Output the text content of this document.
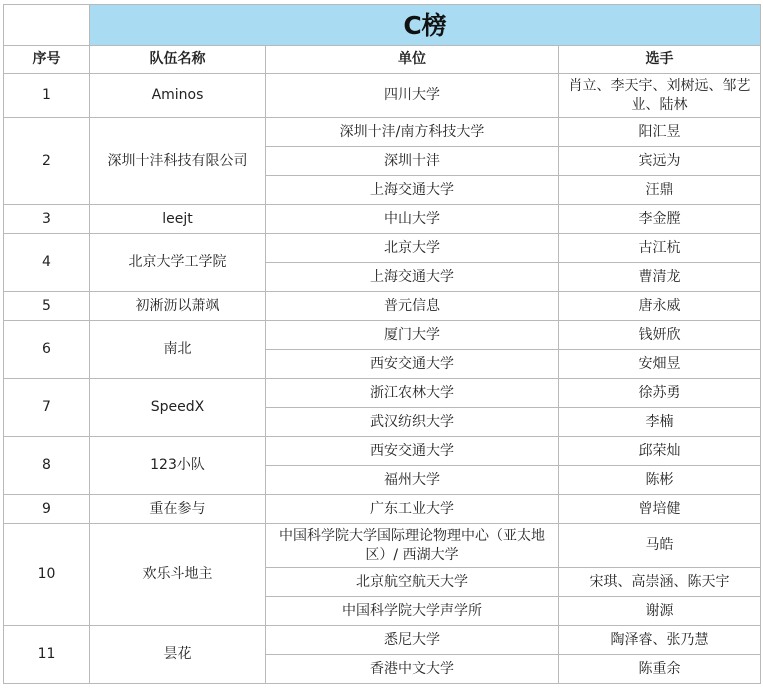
	C榜		
序号	队伍名称	单位	选手
1	Aminos	四川大学	肖立、李天宇、刘树远、邹艺业、陆林
2	深圳十沣科技有限公司	深圳十沣/南方科技大学	阳汇昱
		深圳十沣	宾远为
		上海交通大学	汪鼎
3	leejt	中山大学	李金膛
4	北京大学工学院	北京大学	古江杭
		上海交通大学	曹清龙
5	初淅沥以萧飒	普元信息	唐永威
6	南北	厦门大学	钱妍欣
		西安交通大学	安畑昱
7	SpeedX	浙江农林大学	徐苏勇
		武汉纺织大学	李楠
8	123小队	西安交通大学	邱荣灿
		福州大学	陈彬
9	重在参与	广东工业大学	曾培健
10	欢乐斗地主	中国科学院大学国际理论物理中心（亚太地区）/ 西湖大学	马皓
		北京航空航天大学	宋琪、高崇涵、陈天宇
		中国科学院大学声学所	谢源
11	昙花	悉尼大学	陶泽睿、张乃慧
		香港中文大学	陈重余
